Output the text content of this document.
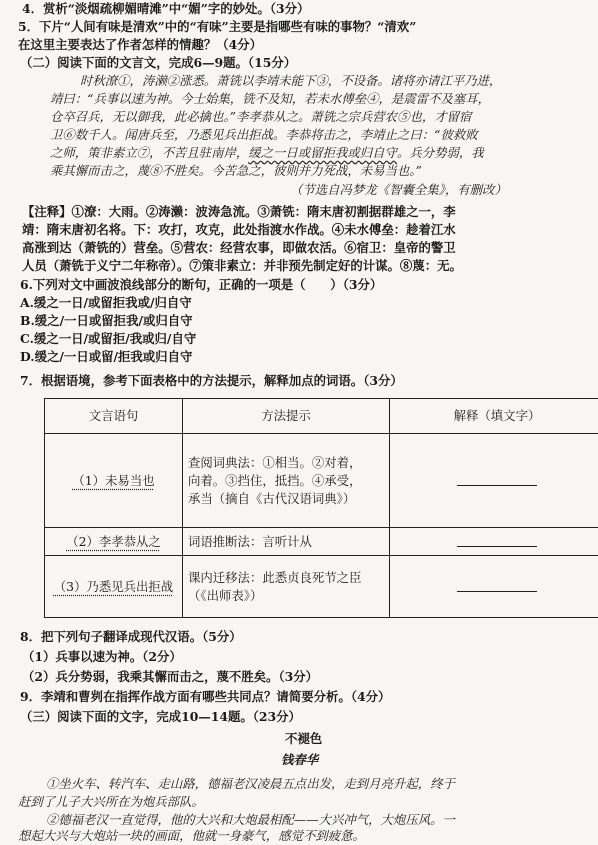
4．赏析“淡烟疏柳媚晴滩”中“媚”字的妙处。（3分）
5．下片“人间有味是清欢”中的“有味”主要是指哪些有味的事物？“清欢”
在这里主要表达了作者怎样的情趣？（4分）
（二）阅读下面的文言文，完成6—9题。（15分）
时秋潦①，涛濑②涨悉。萧铣以李靖未能下③，不设备。诸将亦请江平乃进，
靖曰：“兵事以速为神。今士始集，铣不及知，若未水傅垒④，是震雷不及塞耳，
仓卒召兵，无以御我，此必擒也。”李孝恭从之。萧铣之宗兵营农⑤也，才留宿
卫⑥数千人。闻唐兵至，乃悉见兵出拒战。李恭将击之，李靖止之曰：“彼救败
之师，策非素立⑦，不苦且驻南岸，缓之一日或留拒我或归自守。兵分势弱，我
乘其懈而击之，蔑⑧不胜矣。今苦急之，彼则并力死战，未易当也。”
（节选自冯梦龙《智囊全集》，有删改）
【注释】①潦：大雨。②涛濑：波涛急流。③萧铣：隋末唐初割据群雄之一，李
靖：隋末唐初名将。下：攻打，攻克，此处指渡水作战。④未水傅垒：趁着江水
高涨到达（萧铣的）营垒。⑤营农：经营农事，即做农活。⑥宿卫：皇帝的警卫
人员（萧铣于义宁二年称帝）。⑦策非素立：并非预先制定好的计谋。⑧蔑：无。
6.下列对文中画波浪线部分的断句，正确的一项是（　　）（3分）
A.缓之一日/或留拒我或/归自守
B.缓之/一日或留拒我/或归自守
C.缓之一日/或留拒/我或归/自守
D.缓之/一日或留/拒我或归自守
7．根据语境，参考下面表格中的方法提示，解释加点的词语。（3分）
文言语句	方法提示	解释（填文字）
（1）未易当也	查阅词典法：①相当。②对着，
向着。③挡住，抵挡。④承受，
承当（摘自《古代汉语词典》）	

（2）李孝恭从之	词语推断法：言听计从	
（3）乃悉见兵出拒战	课内迁移法：此悉贞良死节之臣
（《出师表》）	

8．把下列句子翻译成现代汉语。（5分）
（1）兵事以速为神。（2分）
（2）兵分势弱，我乘其懈而击之，蔑不胜矣。（3分）
9．李靖和曹刿在指挥作战方面有哪些共同点？请简要分析。（4分）
（三）阅读下面的文字，完成10—14题。（23分）
不褪色
钱春华
①坐火车、转汽车、走山路，德福老汉凌晨五点出发，走到月亮升起，终于
赶到了儿子大兴所在为炮兵部队。
②德福老汉一直觉得，他的大兴和大炮最相配——大兴冲气，大炮压风。一
想起大兴与大炮站一块的画面，他就一身豪气，感觉不到疲惫。
